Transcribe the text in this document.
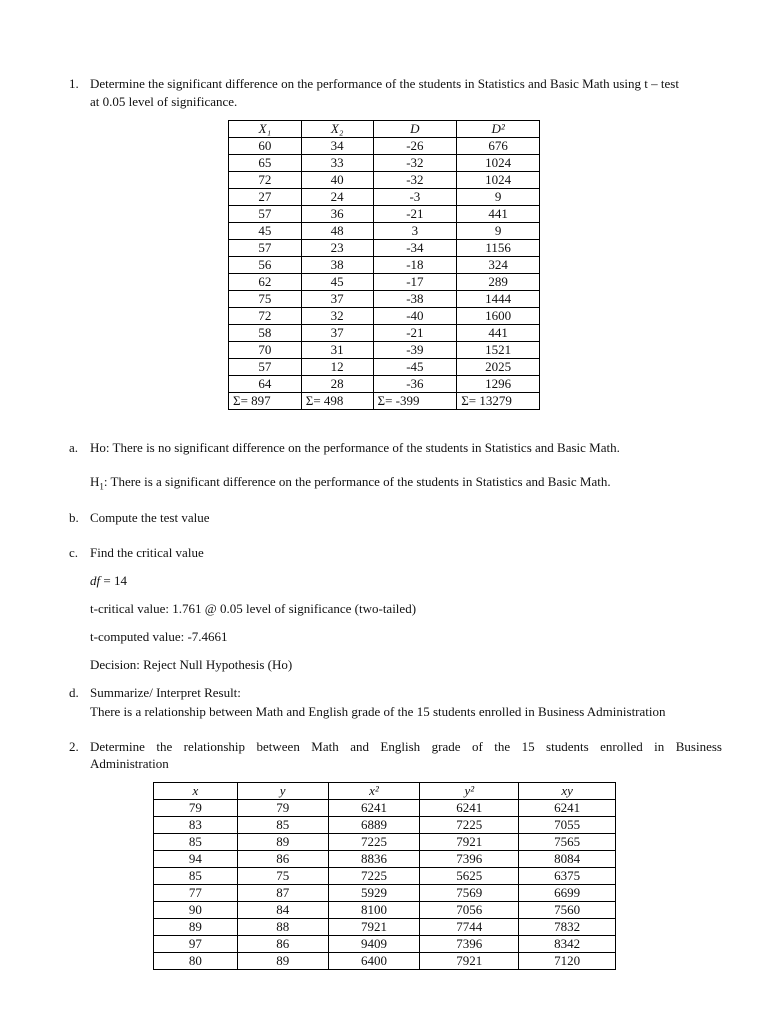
1. Determine the significant difference on the performance of the students in Statistics and Basic Math using t – test
at 0.05 level of significance.
X₁	X₂	D	D²
60	34	-26	676
65	33	-32	1024
72	40	-32	1024
27	24	-3	9
57	36	-21	441
45	48	3	9
57	23	-34	1156
56	38	-18	324
62	45	-17	289
75	37	-38	1444
72	32	-40	1600
58	37	-21	441
70	31	-39	1521
57	12	-45	2025
64	28	-36	1296
Σ= 897	Σ= 498	Σ= -399	Σ= 13279
a. Ho: There is no significant difference on the performance of the students in Statistics and Basic Math.
$H_1$: There is a significant difference on the performance of the students in Statistics and Basic Math.
b. Compute the test value
c. Find the critical value
df = 14
t-critical value: 1.761 @ 0.05 level of significance (two-tailed)
t-computed value: -7.4661
Decision: Reject Null Hypothesis (Ho)
d. Summarize/ Interpret Result:
There is a relationship between Math and English grade of the 15 students enrolled in Business Administration
2. Determine the relationship between Math and English grade of the 15 students enrolled in Business
Administration
x	y	x²	y²	xy
79	79	6241	6241	6241
83	85	6889	7225	7055
85	89	7225	7921	7565
94	86	8836	7396	8084
85	75	7225	5625	6375
77	87	5929	7569	6699
90	84	8100	7056	7560
89	88	7921	7744	7832
97	86	9409	7396	8342
80	89	6400	7921	7120
